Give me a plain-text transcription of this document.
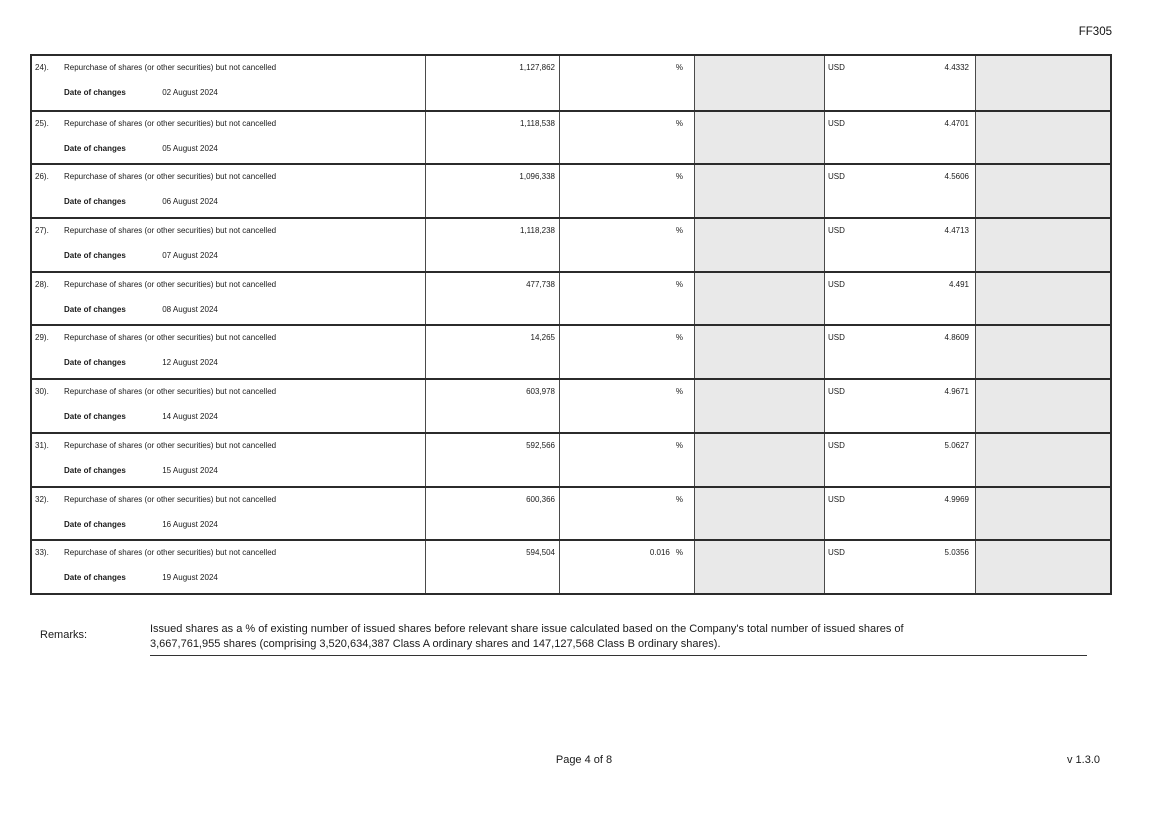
FF305
24).	Repurchase of shares (or other securities) but not cancelled
Date of changes	02 August 2024
1,127,862	%	USD	4.4332
25).	Repurchase of shares (or other securities) but not cancelled
Date of changes	05 August 2024
1,118,538	%	USD	4.4701
26).	Repurchase of shares (or other securities) but not cancelled
Date of changes	06 August 2024
1,096,338	%	USD	4.5606
27).	Repurchase of shares (or other securities) but not cancelled
Date of changes	07 August 2024
1,118,238	%	USD	4.4713
28).	Repurchase of shares (or other securities) but not cancelled
Date of changes	08 August 2024
477,738	%	USD	4.491
29).	Repurchase of shares (or other securities) but not cancelled
Date of changes	12 August 2024
14,265	%	USD	4.8609
30).	Repurchase of shares (or other securities) but not cancelled
Date of changes	14 August 2024
603,978	%	USD	4.9671
31).	Repurchase of shares (or other securities) but not cancelled
Date of changes	15 August 2024
592,566	%	USD	5.0627
32).	Repurchase of shares (or other securities) but not cancelled
Date of changes	16 August 2024
600,366	%	USD	4.9969
33).	Repurchase of shares (or other securities) but not cancelled
Date of changes	19 August 2024
594,504	0.016 %	USD	5.0356
Remarks:	Issued shares as a % of existing number of issued shares before relevant share issue calculated based on the Company's total number of issued shares of
3,667,761,955 shares (comprising 3,520,634,387 Class A ordinary shares and 147,127,568 Class B ordinary shares).
Page 4 of 8	v 1.3.0
